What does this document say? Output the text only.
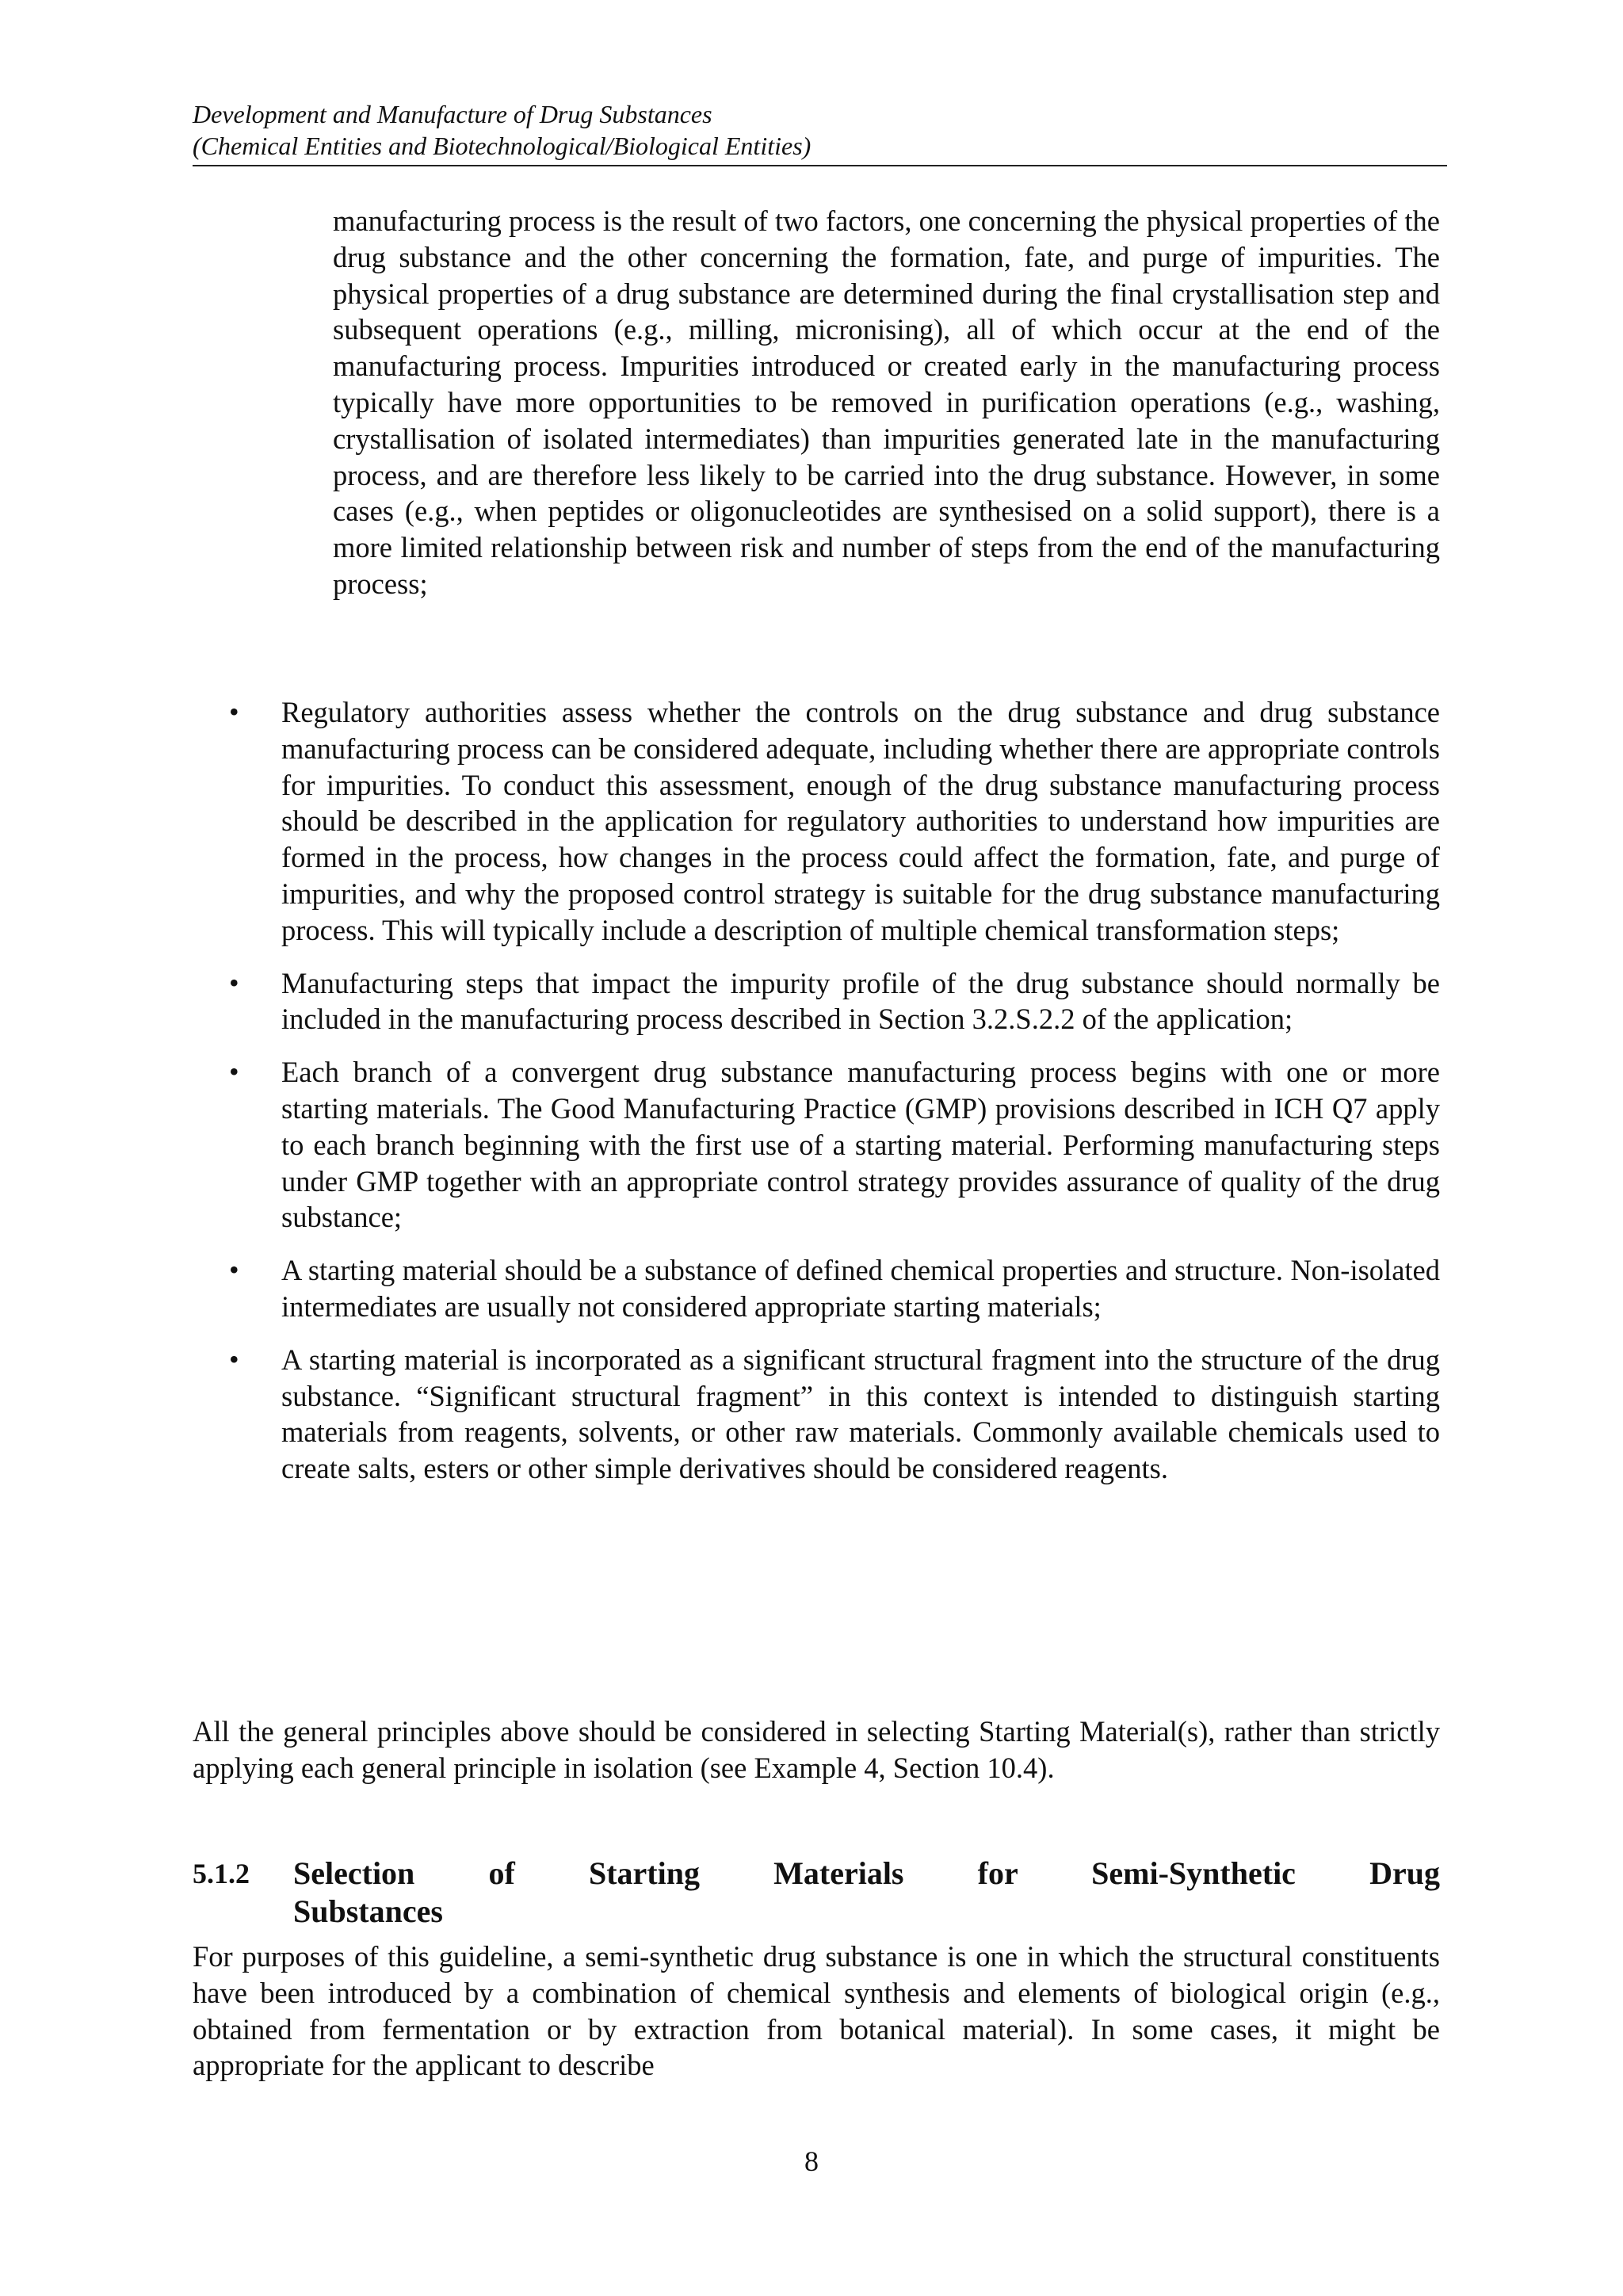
Development and Manufacture of Drug Substances
(Chemical Entities and Biotechnological/Biological Entities)

manufacturing process is the result of two factors, one concerning the physical properties of the drug substance and the other concerning the formation, fate, and purge of impurities. The physical properties of a drug substance are determined during the final crystallisation step and subsequent operations (e.g., milling, micronising), all of which occur at the end of the manufacturing process. Impurities introduced or created early in the manufacturing process typically have more opportunities to be removed in purification operations (e.g., washing, crystallisation of isolated intermediates) than impurities generated late in the manufacturing process, and are therefore less likely to be carried into the drug substance. However, in some cases (e.g., when peptides or oligonucleotides are synthesised on a solid support), there is a more limited relationship between risk and number of steps from the end of the manufacturing process;

• Regulatory authorities assess whether the controls on the drug substance and drug substance manufacturing process can be considered adequate, including whether there are appropriate controls for impurities. To conduct this assessment, enough of the drug substance manufacturing process should be described in the application for regulatory authorities to understand how impurities are formed in the process, how changes in the process could affect the formation, fate, and purge of impurities, and why the proposed control strategy is suitable for the drug substance manufacturing process. This will typically include a description of multiple chemical transformation steps;
• Manufacturing steps that impact the impurity profile of the drug substance should normally be included in the manufacturing process described in Section 3.2.S.2.2 of the application;
• Each branch of a convergent drug substance manufacturing process begins with one or more starting materials. The Good Manufacturing Practice (GMP) provisions described in ICH Q7 apply to each branch beginning with the first use of a starting material. Performing manufacturing steps under GMP together with an appropriate control strategy provides assurance of quality of the drug substance;
• A starting material should be a substance of defined chemical properties and structure. Non-isolated intermediates are usually not considered appropriate starting materials;
• A starting material is incorporated as a significant structural fragment into the structure of the drug substance. “Significant structural fragment” in this context is intended to distinguish starting materials from reagents, solvents, or other raw materials. Commonly available chemicals used to create salts, esters or other simple derivatives should be considered reagents.

All the general principles above should be considered in selecting Starting Material(s), rather than strictly applying each general principle in isolation (see Example 4, Section 10.4).

5.1.2 Selection of Starting Materials for Semi-Synthetic Drug
Substances

For purposes of this guideline, a semi-synthetic drug substance is one in which the structural constituents have been introduced by a combination of chemical synthesis and elements of biological origin (e.g., obtained from fermentation or by extraction from botanical material). In some cases, it might be appropriate for the applicant to describe

8
